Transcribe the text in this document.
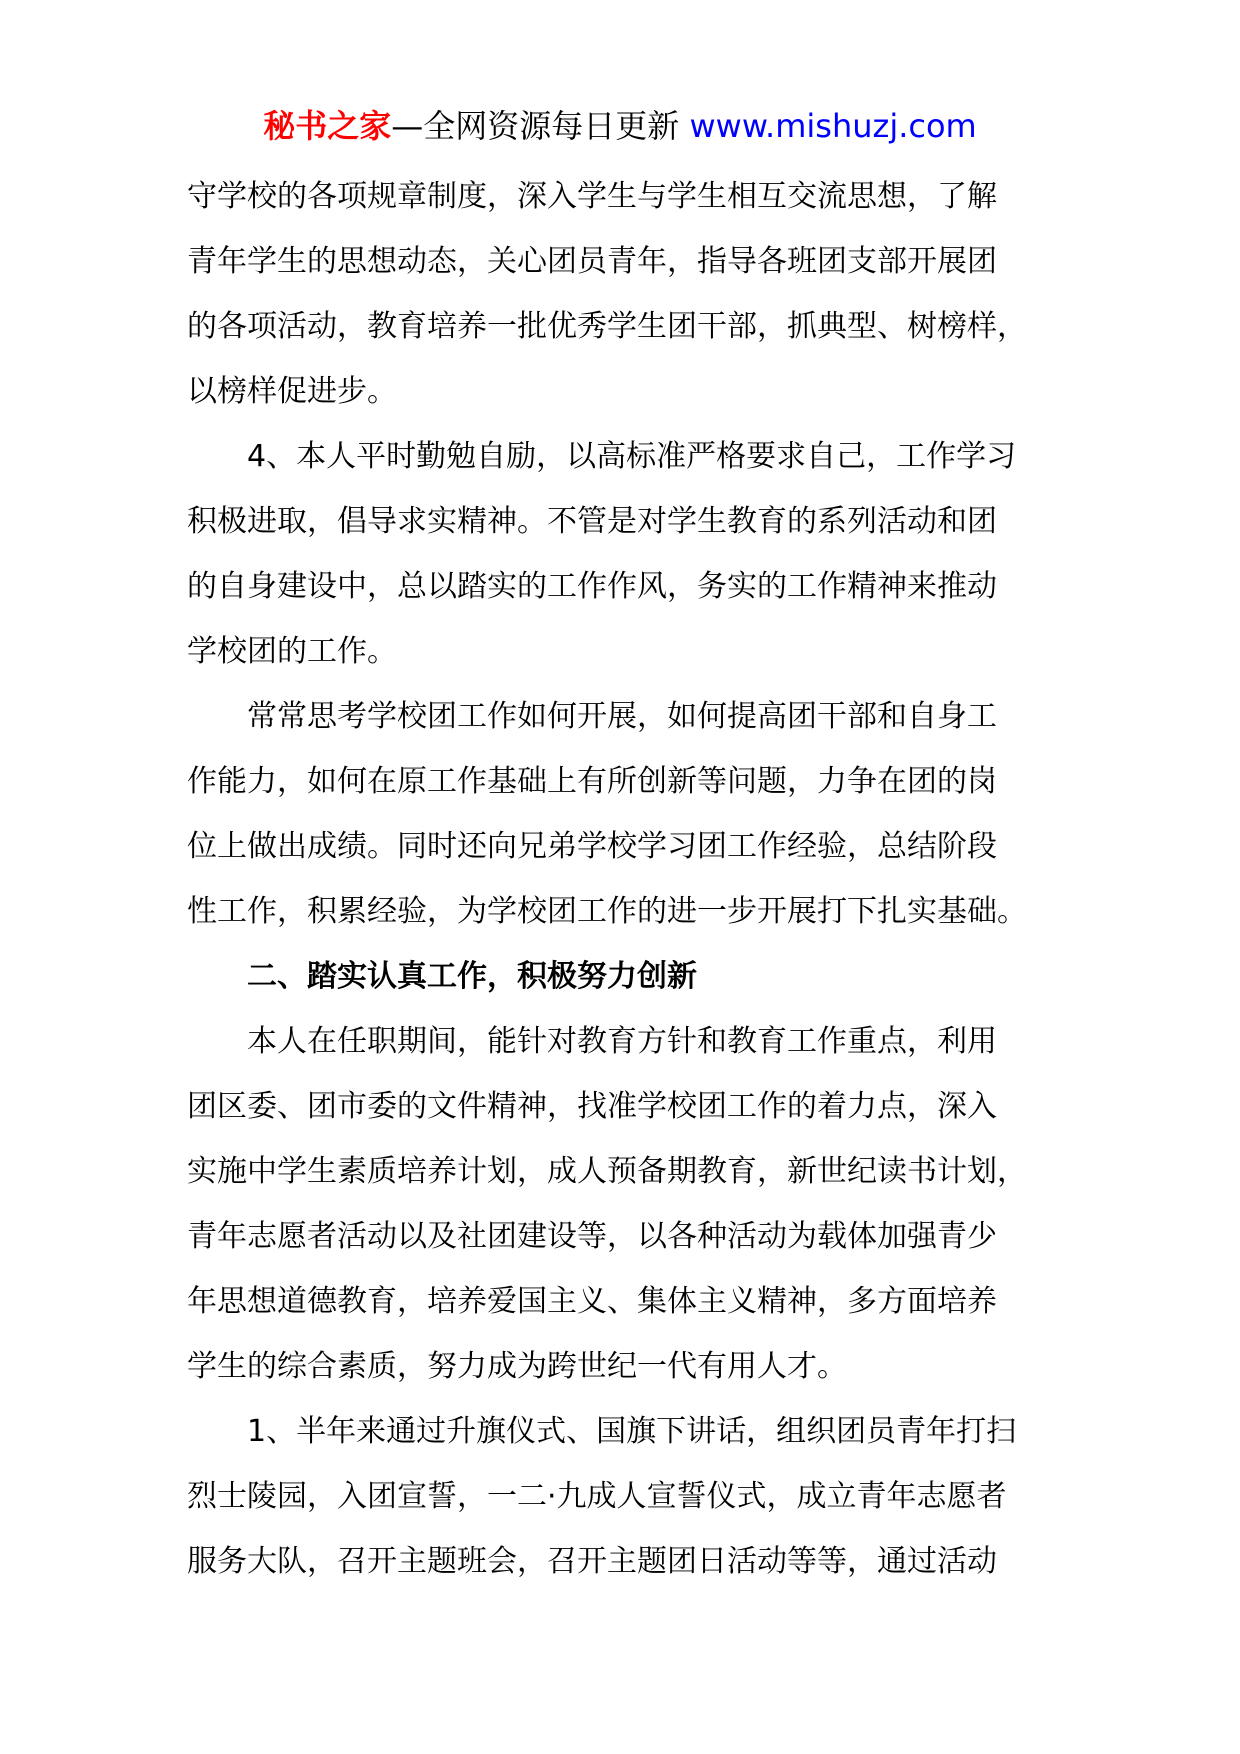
秘书之家—全网资源每日更新 www.mishuzj.com
守学校的各项规章制度，深入学生与学生相互交流思想，了解
青年学生的思想动态，关心团员青年，指导各班团支部开展团
的各项活动，教育培养一批优秀学生团干部，抓典型、树榜样，
以榜样促进步。
4、本人平时勤勉自励，以高标准严格要求自己，工作学习
积极进取，倡导求实精神。不管是对学生教育的系列活动和团
的自身建设中，总以踏实的工作作风，务实的工作精神来推动
学校团的工作。
常常思考学校团工作如何开展，如何提高团干部和自身工
作能力，如何在原工作基础上有所创新等问题，力争在团的岗
位上做出成绩。同时还向兄弟学校学习团工作经验，总结阶段
性工作，积累经验，为学校团工作的进一步开展打下扎实基础。
二、踏实认真工作，积极努力创新
本人在任职期间，能针对教育方针和教育工作重点，利用
团区委、团市委的文件精神，找准学校团工作的着力点，深入
实施中学生素质培养计划，成人预备期教育，新世纪读书计划，
青年志愿者活动以及社团建设等，以各种活动为载体加强青少
年思想道德教育，培养爱国主义、集体主义精神，多方面培养
学生的综合素质，努力成为跨世纪一代有用人才。
1、半年来通过升旗仪式、国旗下讲话，组织团员青年打扫
烈士陵园，入团宣誓，一二·九成人宣誓仪式，成立青年志愿者
服务大队，召开主题班会，召开主题团日活动等等，通过活动
